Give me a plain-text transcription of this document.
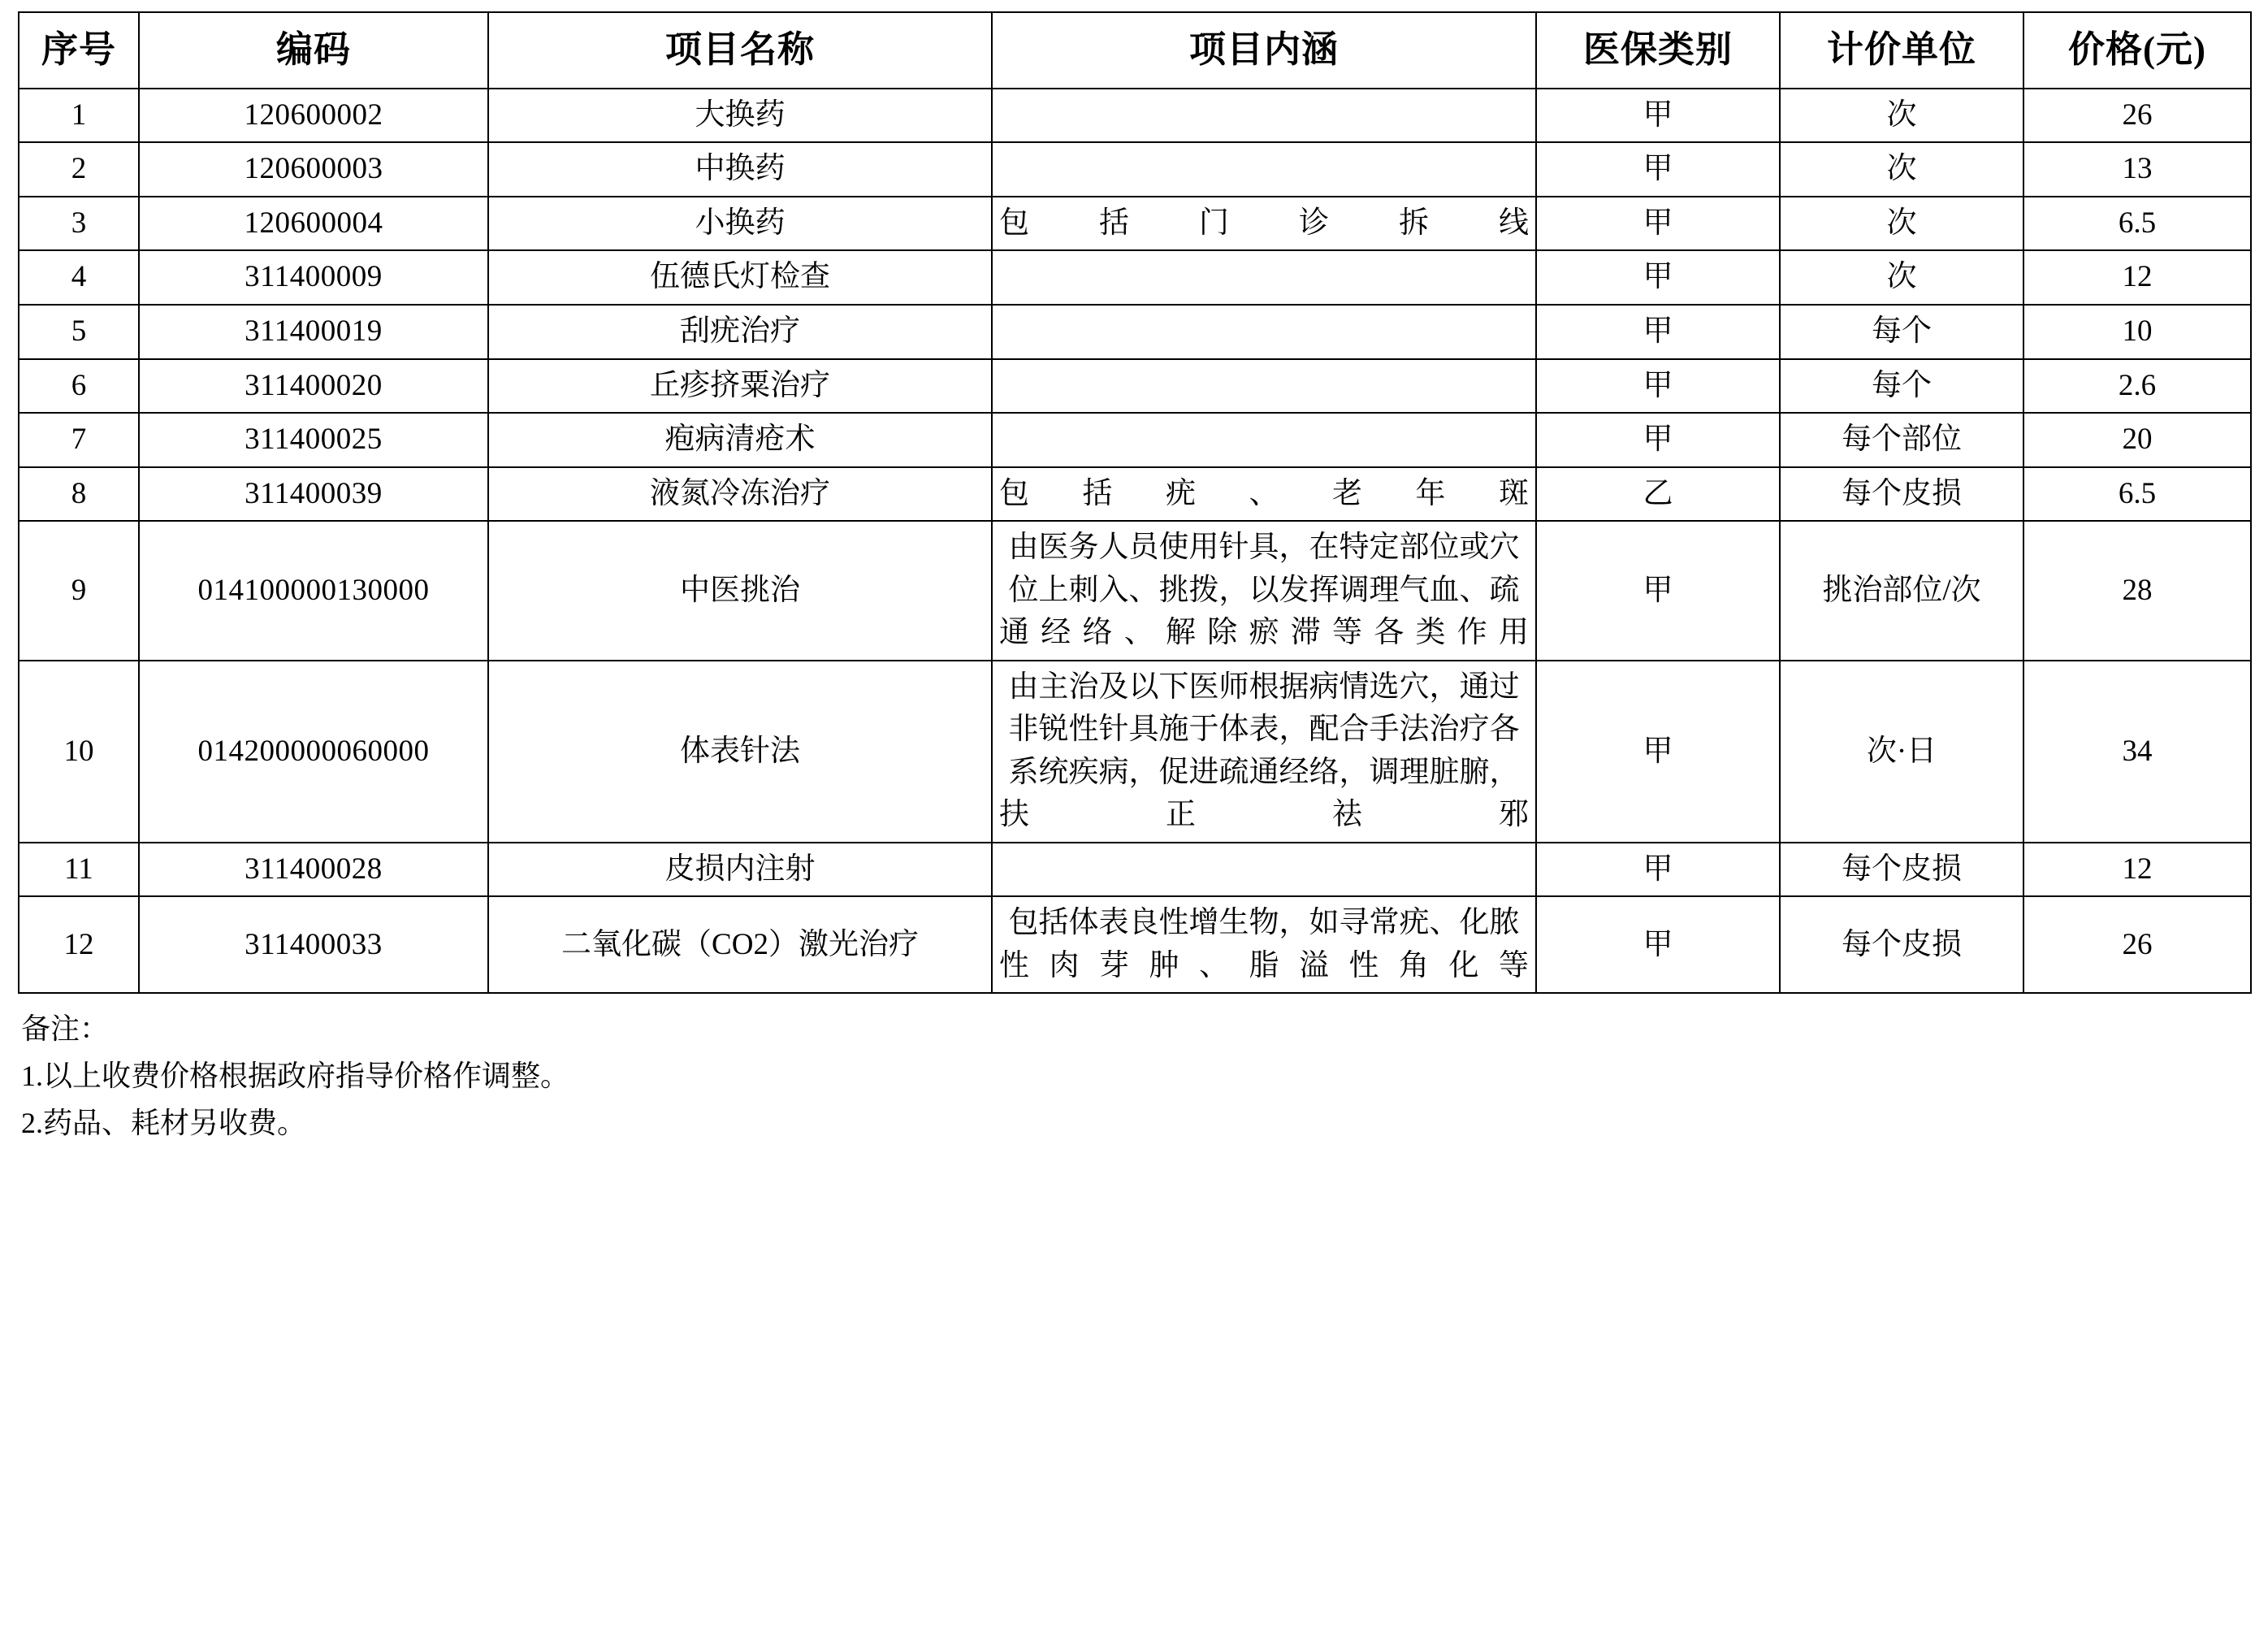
序号	编码	项目名称	项目内涵	医保类别	计价单位	价格(元)
1	120600002	大换药		甲	次	26
2	120600003	中换药		甲	次	13
3	120600004	小换药	包括门诊拆线	甲	次	6.5
4	311400009	伍德氏灯检查		甲	次	12
5	311400019	刮疣治疗		甲	每个	10
6	311400020	丘疹挤粟治疗		甲	每个	2.6
7	311400025	疱病清疮术		甲	每个部位	20
8	311400039	液氮冷冻治疗	包括疣、老年斑	乙	每个皮损	6.5
9	014100000130000	中医挑治	由医务人员使用针具，在特定部位或穴位上刺入、挑拨，以发挥调理气血、疏通经络、解除瘀滞等各类作用	甲	挑治部位/次	28
10	014200000060000	体表针法	由主治及以下医师根据病情选穴，通过非锐性针具施于体表，配合手法治疗各系统疾病，促进疏通经络，调理脏腑，扶正祛邪	甲	次·日	34
11	311400028	皮损内注射		甲	每个皮损	12
12	311400033	二氧化碳（CO2）激光治疗	包括体表良性增生物，如寻常疣、化脓性肉芽肿、脂溢性角化等	甲	每个皮损	26
备注：
1.以上收费价格根据政府指导价格作调整。
2.药品、耗材另收费。
